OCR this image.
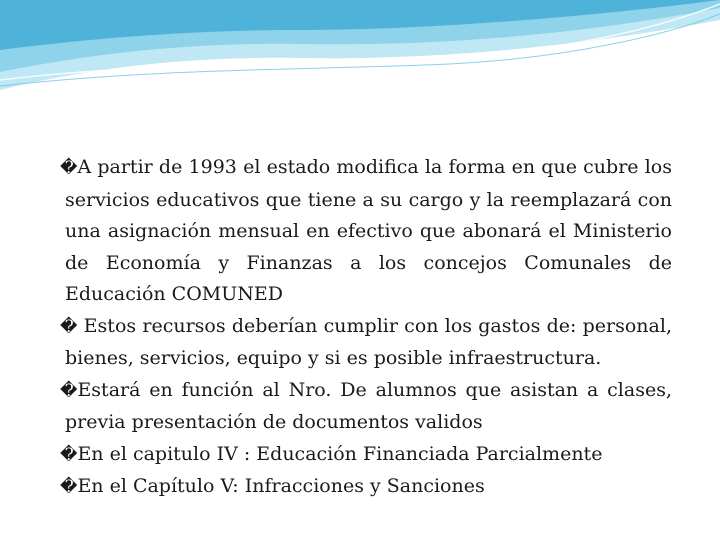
�A partir de 1993 el estado modifica la forma en que cubre los servicios educativos que tiene a su cargo y la reemplazará con una asignación mensual en efectivo que abonará el Ministerio de Economía y Finanzas a los concejos Comunales de Educación COMUNED

� Estos recursos deberían cumplir con los gastos de: personal, bienes, servicios, equipo y si es posible infraestructura.

�Estará en función al Nro. De alumnos que asistan a clases, previa presentación de documentos validos

�En el capitulo IV : Educación Financiada Parcialmente

�En el Capítulo V: Infracciones y Sanciones
